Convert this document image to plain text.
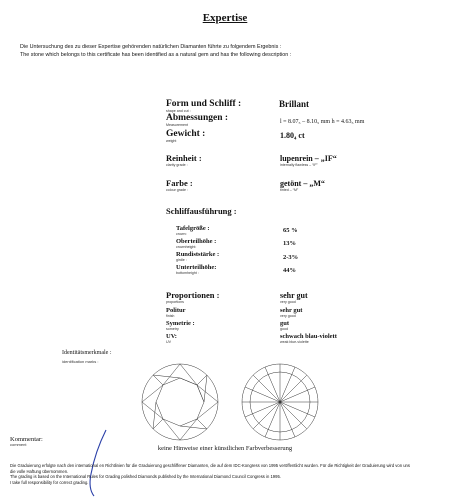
Expertise
Die Untersuchung des zu dieser Expertise gehörenden natürlichen Diamanten führte zu folgendem Ergebnis :
The stone which belongs to this certificate has been identified as a natural gem and has the following description :
Form und Schliff :
shape and cut :
Brillant
Abmessungen :
Measurement	l = 8.07₅ – 8.10₅ mm h = 4.63₅ mm
Gewicht :
weight
1.80₄ ct
Reinheit :
clarity grade :
lupenrein – „IF“
internally flawless – “IF”
Farbe :
colour grade :
getönt – „M“
tinted – “M”
Schliffausführung :
Tafelgröße :
crown:	65 %
Oberteilhöhe :
crownheight:	13%
Rundiststärke :
girdle :	2-3%
Unterteilhöhe:
bottomheight :	44%
Proportionen :
proportions
sehr gut
very good
Politur
finish
sehr gut
very good
Symetrie :
sometry
gut
good
UV:
UV
schwach blau-violett
weak blue-violette
Identitätsmerkmale :
identification marks :
keine Hinweise einer künstlichen Farbverbesserung
Kommentar:
comment
Die Graduierung erfolgte nach den international en Richtlinien für die Graduierung geschliffener Diamanten, die auf dem IDC-Kongress von 1995 veröffentlicht wurden. Für die Richtigkeit der Graduierung wird von uns
die volle Haftung übernommen.
The grading is based on the International Rules for Grading polished Diamonds published by the International Diamond Council Congress in 1995.
I take full responsibility for correct grading.
